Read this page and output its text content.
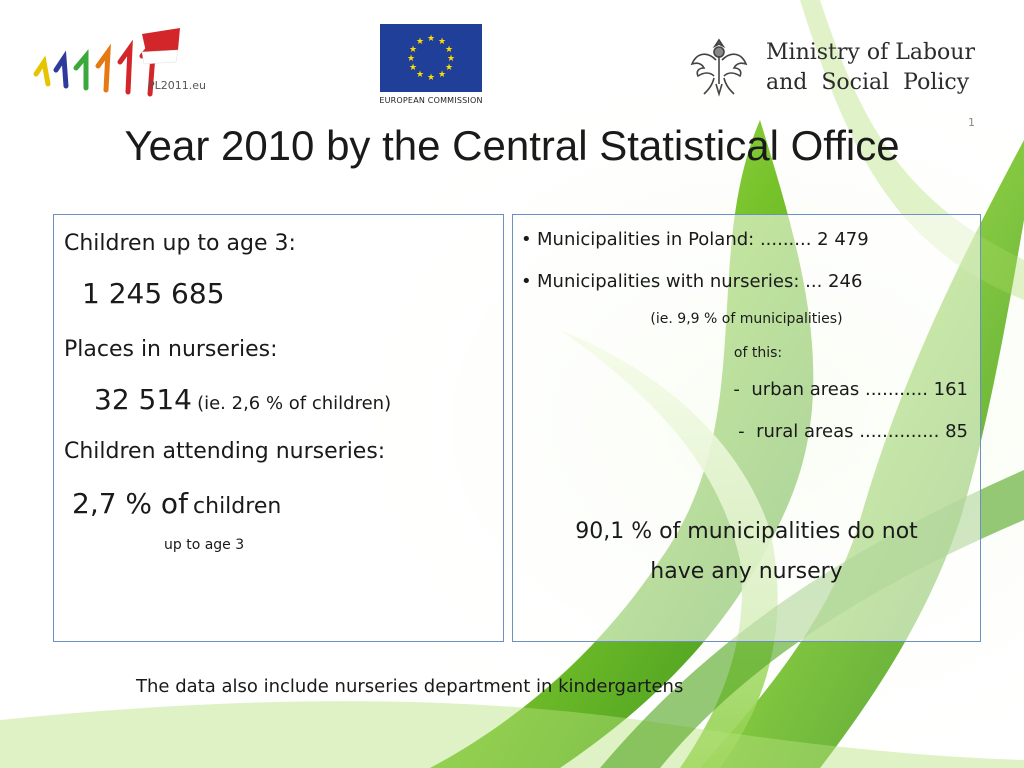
PL2011.eu
★ ★
★
★
★
★
★
★
★
★
★
★
EUROPEAN COMMISSION
Ministry of Labour
and  Social  Policy
1
Year 2010 by the Central Statistical Office
Children up to age 3:
1 245 685
Places in nurseries:
32 514 (ie. 2,6 % of children)
Children attending nurseries:
2,7 % of children
up to age 3
• Municipalities in Poland: ......... 2 479
• Municipalities with nurseries: ... 246
(ie. 9,9 % of municipalities)
of this:
-  urban areas ........... 161
-  rural areas .............. 85
90,1 % of municipalities do not
have any nursery
The data also include nurseries department in kindergartens
